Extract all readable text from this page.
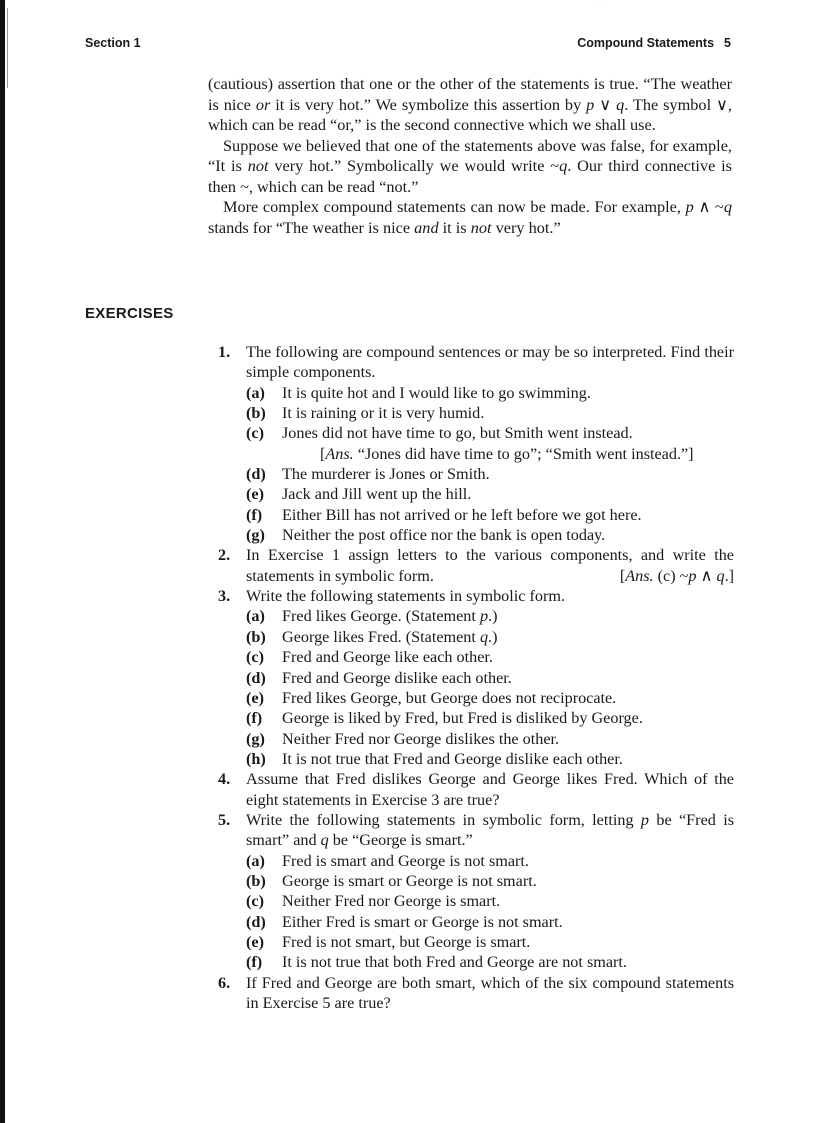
˙˙
Section 1	Compound Statements 5

(cautious) assertion that one or the other of the statements is true. “The weather is nice or it is very hot.” We symbolize this assertion by p ∨ q. The symbol ∨, which can be read “or,” is the second connective which we shall use.

Suppose we believed that one of the statements above was false, for example, “It is not very hot.” Symbolically we would write ~q. Our third connective is then ~, which can be read “not.”

More complex compound statements can now be made. For example, p ∧ ~q stands for “The weather is nice and it is not very hot.”

EXERCISES
1. The following are compound sentences or may be so interpreted. Find their simple components.
(a) It is quite hot and I would like to go swimming.
(b) It is raining or it is very humid.
(c) Jones did not have time to go, but Smith went instead.
[Ans. “Jones did have time to go”; “Smith went instead.”]
(d) The murderer is Jones or Smith.
(e) Jack and Jill went up the hill.
(f) Either Bill has not arrived or he left before we got here.
(g) Neither the post office nor the bank is open today.
2. In Exercise 1 assign letters to the various components, and write the statements in symbolic form.	[Ans. (c) ~p ∧ q.]
3. Write the following statements in symbolic form.
(a) Fred likes George. (Statement p.)
(b) George likes Fred. (Statement q.)
(c) Fred and George like each other.
(d) Fred and George dislike each other.
(e) Fred likes George, but George does not reciprocate.
(f) George is liked by Fred, but Fred is disliked by George.
(g) Neither Fred nor George dislikes the other.
(h) It is not true that Fred and George dislike each other.
4. Assume that Fred dislikes George and George likes Fred. Which of the eight statements in Exercise 3 are true?
5. Write the following statements in symbolic form, letting p be “Fred is smart” and q be “George is smart.”
(a) Fred is smart and George is not smart.
(b) George is smart or George is not smart.
(c) Neither Fred nor George is smart.
(d) Either Fred is smart or George is not smart.
(e) Fred is not smart, but George is smart.
(f) It is not true that both Fred and George are not smart.
6. If Fred and George are both smart, which of the six compound statements in Exercise 5 are true?
